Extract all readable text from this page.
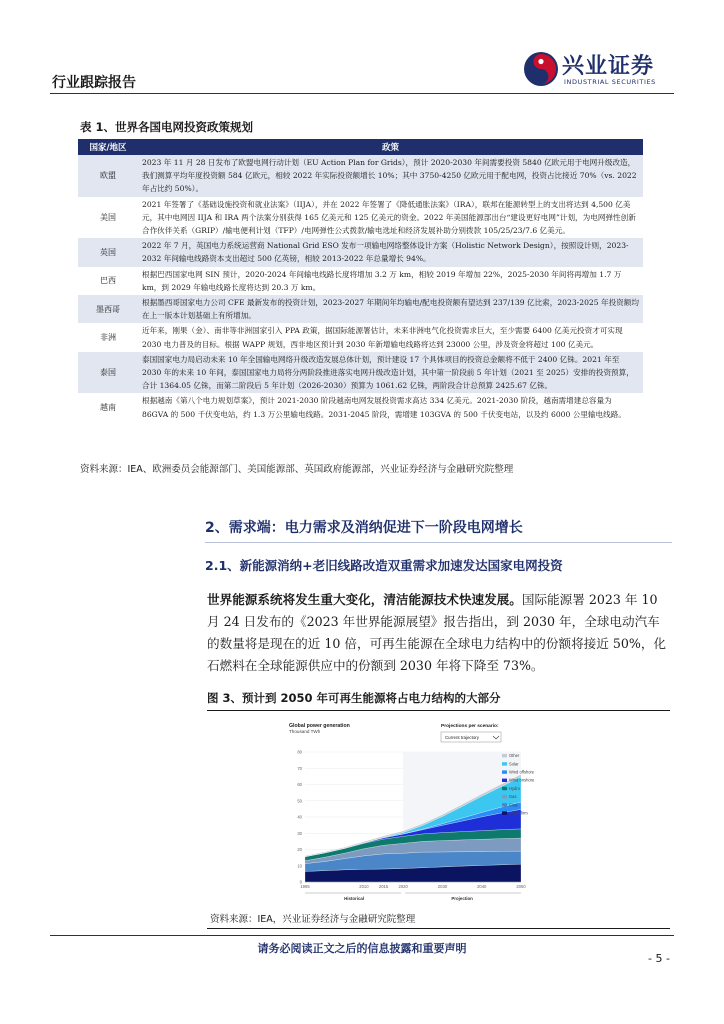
行业跟踪报告
兴业证券
INDUSTRIAL SECURITIES
表 1、世界各国电网投资政策规划
国家/地区	政策
欧盟	2023 年 11 月 28 日发布了欧盟电网行动计划（EU Action Plan for Grids），预计 2020-2030 年间需要投资 5840 亿欧元用于电网升级改造，我们测算平均年度投资额 584 亿欧元，相较 2022 年实际投资额增长 10%；其中 3750-4250 亿欧元用于配电网，投资占比接近 70%（vs. 2022 年占比约 50%）。
美国	2021 年签署了《基础设施投资和就业法案》（IIJA），并在 2022 年签署了《降低通胀法案》（IRA），联邦在能源转型上的支出将达到 4,500 亿美元，其中电网因 IIJA 和 IRA 两个法案分别获得 165 亿美元和 125 亿美元的资金。2022 年美国能源部出台“建设更好电网”计划，为电网弹性创新合作伙伴关系（GRIP）/输电便利计划（TFP）/电网弹性公式拨款/输电选址和经济发展补助分别拨款 105/25/23/7.6 亿美元。
英国	2022 年 7 月，英国电力系统运营商 National Grid ESO 发布一项输电网络整体设计方案（Holistic Network Design），按照设计则，2023-2032 年间输电线路资本支出超过 500 亿英镑，相较 2013-2022 年总量增长 94%。
巴西	根据巴西国家电网 SIN 预计，2020-2024 年间输电线路长度将增加 3.2 万 km，相较 2019 年增加 22%，2025-2030 年间将再增加 1.7 万 km，到 2029 年输电线路长度将达到 20.3 万 km。
墨西哥	根据墨西哥国家电力公司 CFE 最新发布的投资计划，2023-2027 年期间年均输电/配电投资额有望达到 237/139 亿比索，2023-2025 年投资额均在上一版本计划基础上有所增加。
非洲	近年来，刚果（金）、南非等非洲国家引入 PPA 政策，据国际能源署估计，未来非洲电气化投资需求巨大，至少需要 6400 亿美元投资才可实现 2030 电力普及的目标。根据 WAPP 规划，西非地区预计到 2030 年新增输电线路将达到 23000 公里，涉及资金将超过 100 亿美元。
泰国	泰国国家电力局启动未来 10 年全国输电网络升级改造发展总体计划，预计建设 17 个具体项目的投资总金额将不低于 2400 亿铢。2021 年至 2030 年的未来 10 年间，泰国国家电力局将分两阶段推进落实电网升级改造计划，其中第一阶段前 5 年计划（2021 至 2025）安排的投资预算，合计 1364.05 亿铢，而第二阶段后 5 年计划（2026-2030）预算为 1061.62 亿铢，两阶段合计总预算 2425.67 亿铢。
越南	根据越南《第八个电力规划草案》，预计 2021-2030 阶段越南电网发展投资需求高达 334 亿美元。2021-2030 阶段，越南需增建总容量为 86GVA 的 500 千伏变电站，约 1.3 万公里输电线路。2031-2045 阶段，需增建 103GVA 的 500 千伏变电站，以及约 6000 公里输电线路。
资料来源：IEA、欧洲委员会能源部门、美国能源部、英国政府能源部，兴业证券经济与金融研究院整理
2、需求端：电力需求及消纳促进下一阶段电网增长
2.1、新能源消纳+老旧线路改造双重需求加速发达国家电网投资
世界能源系统将发生重大变化，清洁能源技术快速发展。国际能源署 2023 年 10 月 24 日发布的《2023 年世界能源展望》报告指出，到 2030 年，全球电动汽车的数量将是现在的近 10 倍，可再生能源在全球电力结构中的份额将接近 50%，化石燃料在全球能源供应中的份额到 2030 年将下降至 73%。
图 3、预计到 2050 年可再生能源将占电力结构的大部分
Global power generation
Thousand TWh
Projections per scenario:
Current trajectory
0
10
20
30
40
50
60
70
80
1995	2010 2015 2020	2030	2040	2050
Historical	Projection
Other
Solar
Wind offshore
Wind onshore
Hydro
Gas
Coal
Clean firm
资料来源：IEA，兴业证券经济与金融研究院整理
请务必阅读正文之后的信息披露和重要声明
- 5 -
